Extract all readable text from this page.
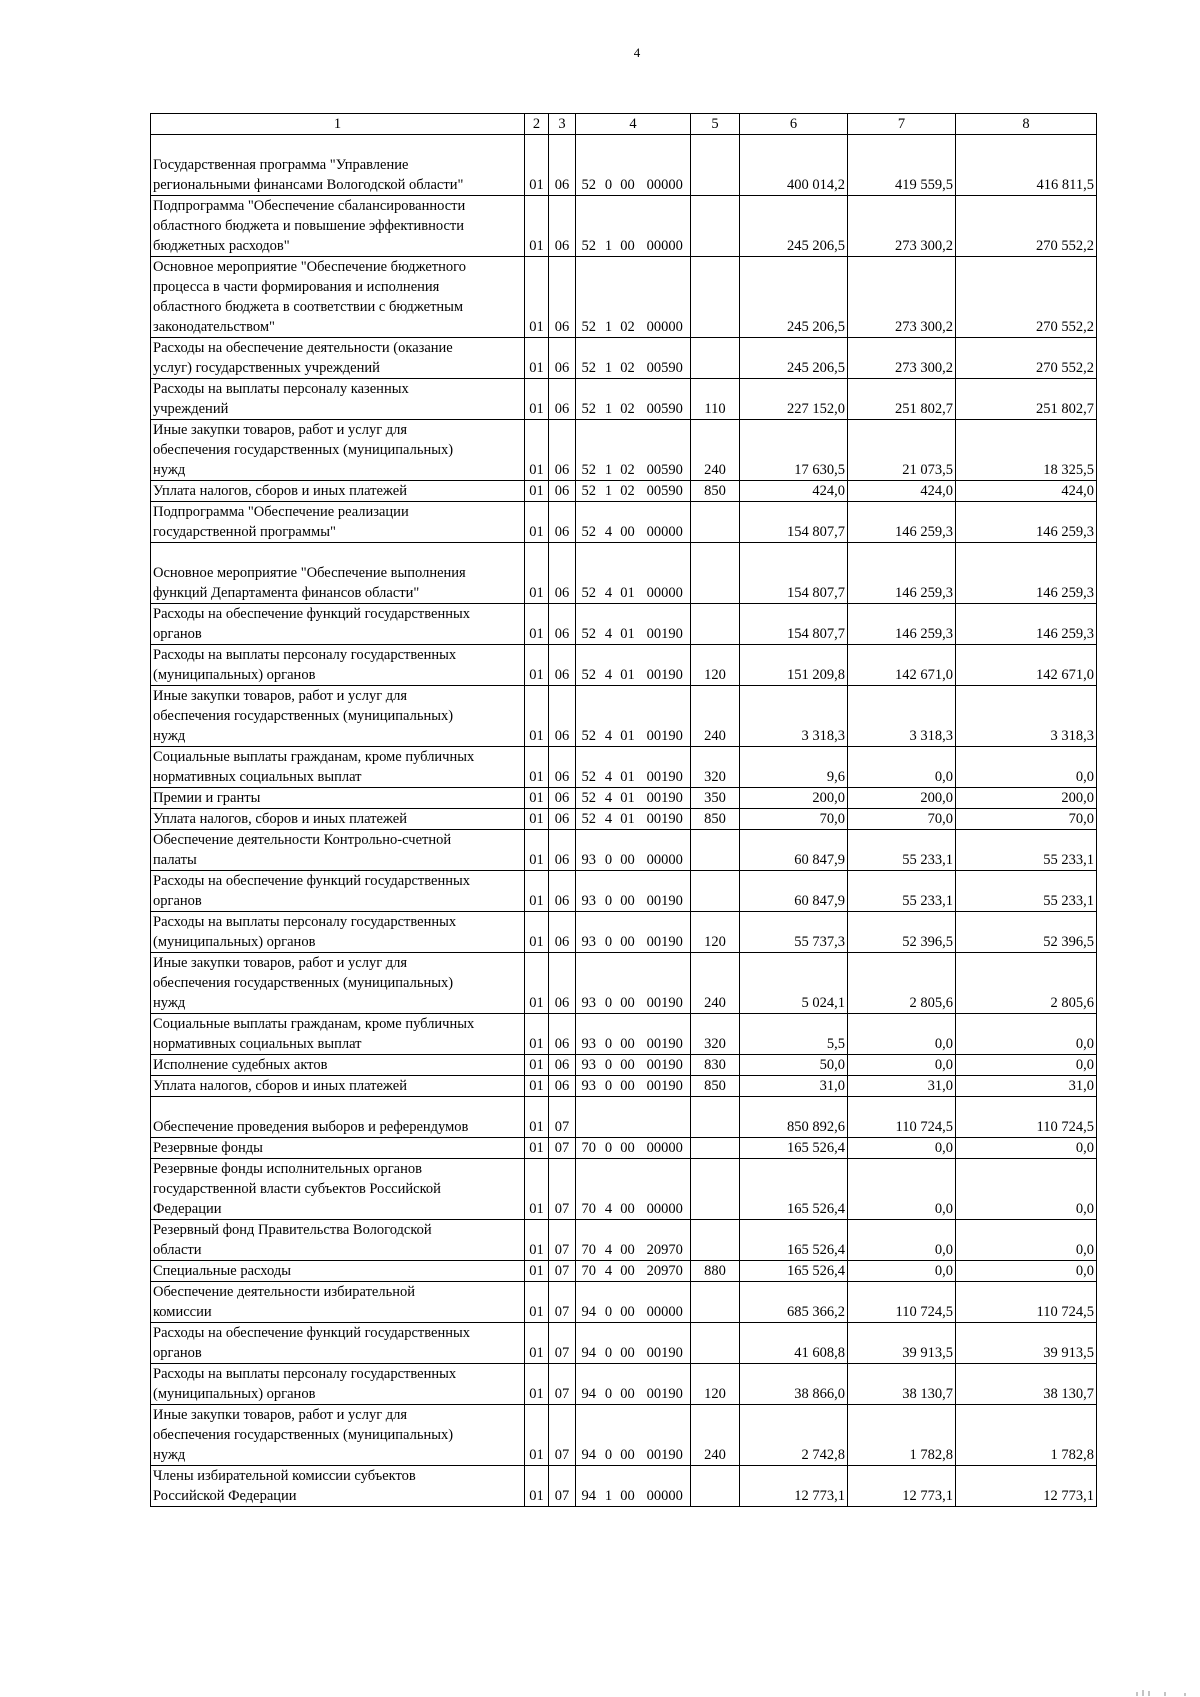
4
1	2	3	4				5	6	7	8

Государственная программа "Управление
региональными финансами Вологодской области"	01	06	52	0	00	00000		400 014,2	419 559,5	416 811,5

Подпрограмма "Обеспечение сбалансированности
областного бюджета и повышение эффективности
бюджетных расходов"	01	06	52	1	00	00000		245 206,5	273 300,2	270 552,2

Основное мероприятие "Обеспечение бюджетного
процесса в части формирования и исполнения
областного бюджета в соответствии с бюджетным
законодательством"	01	06	52	1	02	00000		245 206,5	273 300,2	270 552,2

Расходы на обеспечение деятельности (оказание
услуг) государственных учреждений	01	06	52	1	02	00590		245 206,5	273 300,2	270 552,2

Расходы на выплаты персоналу казенных
учреждений	01	06	52	1	02	00590	110	227 152,0	251 802,7	251 802,7

Иные закупки товаров, работ и услуг для
обеспечения государственных (муниципальных)
нужд	01	06	52	1	02	00590	240	17 630,5	21 073,5	18 325,5

Уплата налогов, сборов и иных платежей	01	06	52	1	02	00590	850	424,0	424,0	424,0

Подпрограмма "Обеспечение реализации
государственной программы"	01	06	52	4	00	00000		154 807,7	146 259,3	146 259,3

Основное мероприятие "Обеспечение выполнения
функций Департамента финансов области"	01	06	52	4	01	00000		154 807,7	146 259,3	146 259,3

Расходы на обеспечение функций государственных
органов	01	06	52	4	01	00190		154 807,7	146 259,3	146 259,3

Расходы на выплаты персоналу государственных
(муниципальных) органов	01	06	52	4	01	00190	120	151 209,8	142 671,0	142 671,0

Иные закупки товаров, работ и услуг для
обеспечения государственных (муниципальных)
нужд	01	06	52	4	01	00190	240	3 318,3	3 318,3	3 318,3

Социальные выплаты гражданам, кроме публичных
нормативных социальных выплат	01	06	52	4	01	00190	320	9,6	0,0	0,0

Премии и гранты	01	06	52	4	01	00190	350	200,0	200,0	200,0

Уплата налогов, сборов и иных платежей	01	06	52	4	01	00190	850	70,0	70,0	70,0

Обеспечение деятельности Контрольно-счетной
палаты	01	06	93	0	00	00000		60 847,9	55 233,1	55 233,1

Расходы на обеспечение функций государственных
органов	01	06	93	0	00	00190		60 847,9	55 233,1	55 233,1

Расходы на выплаты персоналу государственных
(муниципальных) органов	01	06	93	0	00	00190	120	55 737,3	52 396,5	52 396,5

Иные закупки товаров, работ и услуг для
обеспечения государственных (муниципальных)
нужд	01	06	93	0	00	00190	240	5 024,1	2 805,6	2 805,6

Социальные выплаты гражданам, кроме публичных
нормативных социальных выплат	01	06	93	0	00	00190	320	5,5	0,0	0,0

Исполнение судебных актов	01	06	93	0	00	00190	830	50,0	0,0	0,0

Уплата налогов, сборов и иных платежей	01	06	93	0	00	00190	850	31,0	31,0	31,0

Обеспечение проведения выборов и референдумов	01	07						850 892,6	110 724,5	110 724,5

Резервные фонды	01	07	70	0	00	00000		165 526,4	0,0	0,0

Резервные фонды исполнительных органов
государственной власти субъектов Российской
Федерации	01	07	70	4	00	00000		165 526,4	0,0	0,0

Резервный фонд Правительства Вологодской
области	01	07	70	4	00	20970		165 526,4	0,0	0,0

Специальные расходы	01	07	70	4	00	20970	880	165 526,4	0,0	0,0

Обеспечение деятельности избирательной
комиссии	01	07	94	0	00	00000		685 366,2	110 724,5	110 724,5

Расходы на обеспечение функций государственных
органов	01	07	94	0	00	00190		41 608,8	39 913,5	39 913,5

Расходы на выплаты персоналу государственных
(муниципальных) органов	01	07	94	0	00	00190	120	38 866,0	38 130,7	38 130,7

Иные закупки товаров, работ и услуг для
обеспечения государственных (муниципальных)
нужд	01	07	94	0	00	00190	240	2 742,8	1 782,8	1 782,8

Члены избирательной комиссии субъектов
Российской Федерации	01	07	94	1	00	00000		12 773,1	12 773,1	12 773,1
